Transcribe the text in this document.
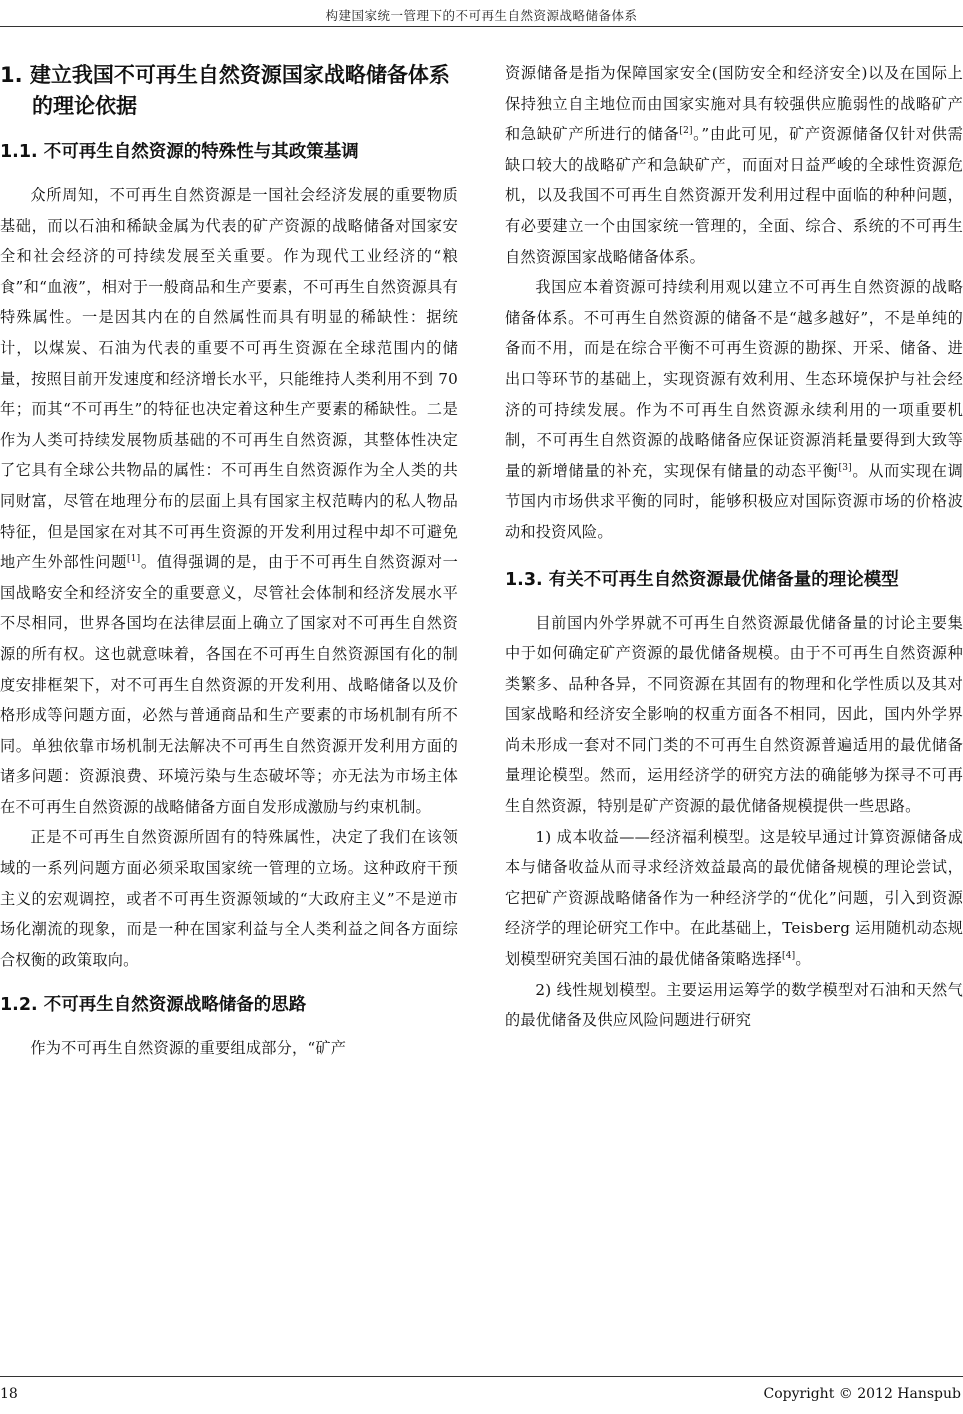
构建国家统一管理下的不可再生自然资源战略储备体系
1. 建立我国不可再生自然资源国家战略储备体系的理论依据
1.1. 不可再生自然资源的特殊性与其政策基调

众所周知，不可再生自然资源是一国社会经济发展的重要物质基础，而以石油和稀缺金属为代表的矿产资源的战略储备对国家安全和社会经济的可持续发展至关重要。作为现代工业经济的“粮食”和“血液”，相对于一般商品和生产要素，不可再生自然资源具有特殊属性。一是因其内在的自然属性而具有明显的稀缺性：据统计，以煤炭、石油为代表的重要不可再生资源在全球范围内的储量，按照目前开发速度和经济增长水平，只能维持人类利用不到 70 年；而其“不可再生”的特征也决定着这种生产要素的稀缺性。二是作为人类可持续发展物质基础的不可再生自然资源，其整体性决定了它具有全球公共物品的属性：不可再生自然资源作为全人类的共同财富，尽管在地理分布的层面上具有国家主权范畴内的私人物品特征，但是国家在对其不可再生资源的开发利用过程中却不可避免地产生外部性问题[1]。值得强调的是，由于不可再生自然资源对一国战略安全和经济安全的重要意义，尽管社会体制和经济发展水平不尽相同，世界各国均在法律层面上确立了国家对不可再生自然资源的所有权。这也就意味着，各国在不可再生自然资源国有化的制度安排框架下，对不可再生自然资源的开发利用、战略储备以及价格形成等问题方面，必然与普通商品和生产要素的市场机制有所不同。单独依靠市场机制无法解决不可再生自然资源开发利用方面的诸多问题：资源浪费、环境污染与生态破坏等；亦无法为市场主体在不可再生自然资源的战略储备方面自发形成激励与约束机制。

正是不可再生自然资源所固有的特殊属性，决定了我们在该领域的一系列问题方面必须采取国家统一管理的立场。这种政府干预主义的宏观调控，或者不可再生资源领域的“大政府主义”不是逆市场化潮流的现象，而是一种在国家利益与全人类利益之间各方面综合权衡的政策取向。

1.2. 不可再生自然资源战略储备的思路

作为不可再生自然资源的重要组成部分，“矿产

资源储备是指为保障国家安全(国防安全和经济安全)以及在国际上保持独立自主地位而由国家实施对具有较强供应脆弱性的战略矿产和急缺矿产所进行的储备[2]。”由此可见，矿产资源储备仅针对供需缺口较大的战略矿产和急缺矿产，而面对日益严峻的全球性资源危机，以及我国不可再生自然资源开发利用过程中面临的种种问题，有必要建立一个由国家统一管理的，全面、综合、系统的不可再生自然资源国家战略储备体系。

我国应本着资源可持续利用观以建立不可再生自然资源的战略储备体系。不可再生自然资源的储备不是“越多越好”，不是单纯的备而不用，而是在综合平衡不可再生资源的勘探、开采、储备、进出口等环节的基础上，实现资源有效利用、生态环境保护与社会经济的可持续发展。作为不可再生自然资源永续利用的一项重要机制，不可再生自然资源的战略储备应保证资源消耗量要得到大致等量的新增储量的补充，实现保有储量的动态平衡[3]。从而实现在调节国内市场供求平衡的同时，能够积极应对国际资源市场的价格波动和投资风险。

1.3. 有关不可再生自然资源最优储备量的理论模型

目前国内外学界就不可再生自然资源最优储备量的讨论主要集中于如何确定矿产资源的最优储备规模。由于不可再生自然资源种类繁多、品种各异，不同资源在其固有的物理和化学性质以及其对国家战略和经济安全影响的权重方面各不相同，因此，国内外学界尚未形成一套对不同门类的不可再生自然资源普遍适用的最优储备量理论模型。然而，运用经济学的研究方法的确能够为探寻不可再生自然资源，特别是矿产资源的最优储备规模提供一些思路。

1) 成本收益——经济福利模型。这是较早通过计算资源储备成本与储备收益从而寻求经济效益最高的最优储备规模的理论尝试，它把矿产资源战略储备作为一种经济学的“优化”问题，引入到资源经济学的理论研究工作中。在此基础上，Teisberg 运用随机动态规划模型研究美国石油的最优储备策略选择[4]。

2) 线性规划模型。主要运用运筹学的数学模型对石油和天然气的最优储备及供应风险问题进行研究

18	Copyright © 2012 Hanspub
